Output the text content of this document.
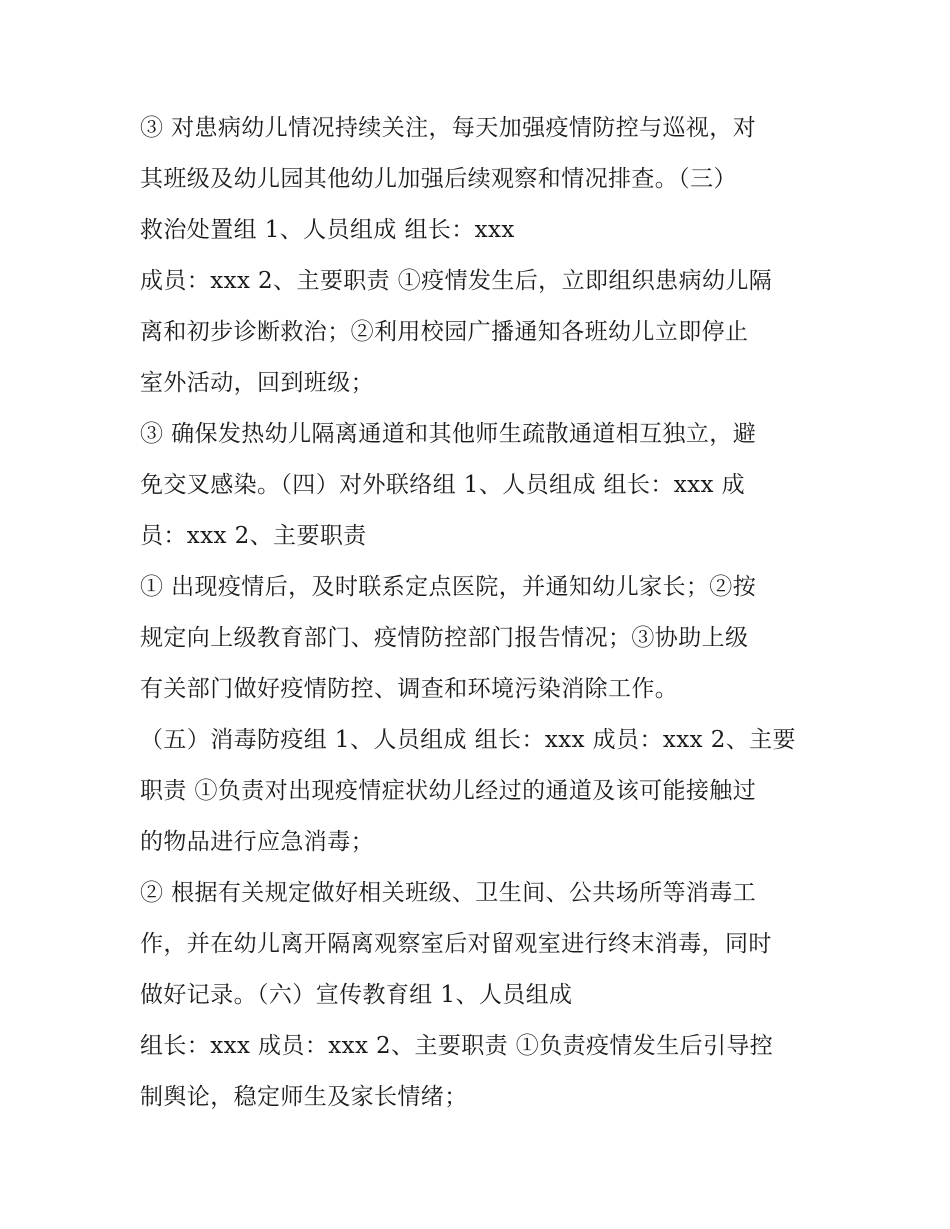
③ 对患病幼儿情况持续关注，每天加强疫情防控与巡视，对
其班级及幼儿园其他幼儿加强后续观察和情况排查。（三）
救治处置组 1、人员组成 组长：xxx
成员：xxx 2、主要职责 ①疫情发生后，立即组织患病幼儿隔
离和初步诊断救治；②利用校园广播通知各班幼儿立即停止
室外活动，回到班级；
③ 确保发热幼儿隔离通道和其他师生疏散通道相互独立，避
免交叉感染。（四）对外联络组 1、人员组成 组长：xxx 成
员：xxx 2、主要职责
① 出现疫情后，及时联系定点医院，并通知幼儿家长；②按
规定向上级教育部门、疫情防控部门报告情况；③协助上级
有关部门做好疫情防控、调查和环境污染消除工作。
（五）消毒防疫组 1、人员组成 组长：xxx 成员：xxx 2、主要
职责 ①负责对出现疫情症状幼儿经过的通道及该可能接触过
的物品进行应急消毒；
② 根据有关规定做好相关班级、卫生间、公共场所等消毒工
作，并在幼儿离开隔离观察室后对留观室进行终末消毒，同时
做好记录。（六）宣传教育组 1、人员组成
组长：xxx 成员：xxx 2、主要职责 ①负责疫情发生后引导控
制舆论，稳定师生及家长情绪；
